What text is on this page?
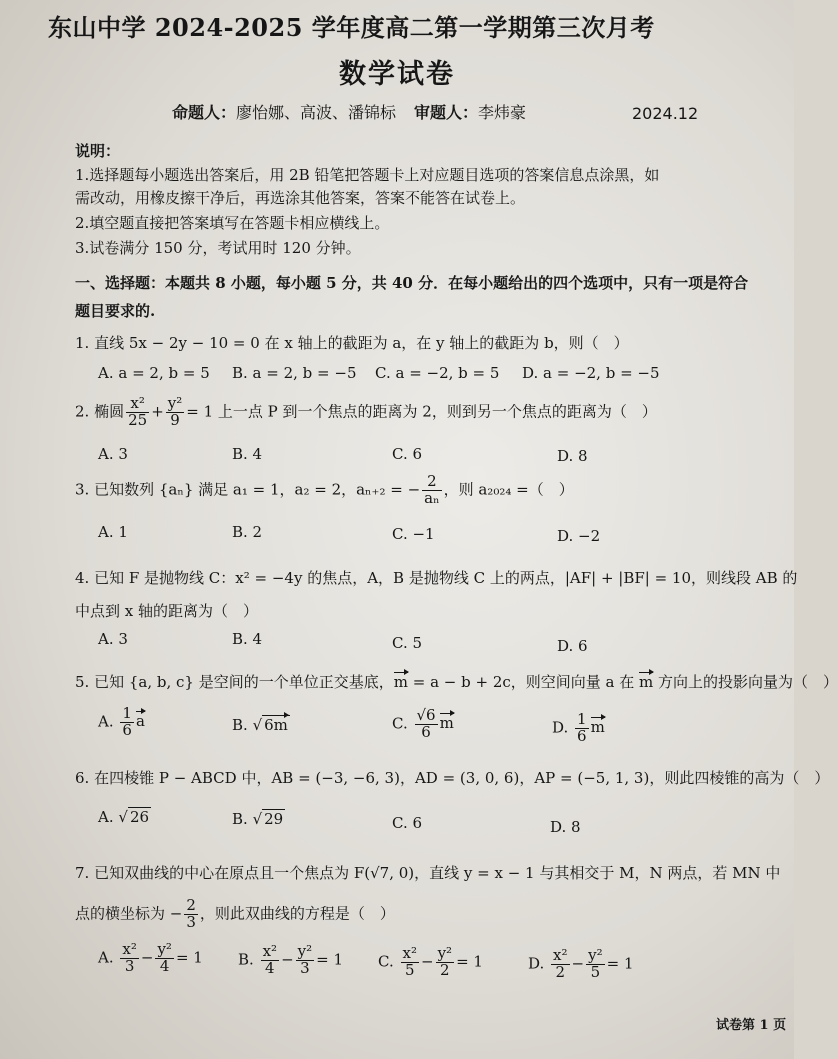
东山中学 2024-2025 学年度高二第一学期第三次月考
数学试卷
命题人：廖怡娜、高波、潘锦标 审题人：李炜豪	2024.12
说明：
1.选择题每小题选出答案后，用 2B 铅笔把答题卡上对应题目选项的答案信息点涂黑，如
需改动，用橡皮擦干净后，再选涂其他答案，答案不能答在试卷上。
2.填空题直接把答案填写在答题卡相应横线上。
3.试卷满分 150 分，考试用时 120 分钟。
一、选择题：本题共 8 小题，每小题 5 分，共 40 分．在每小题给出的四个选项中，只有一项是符合
题目要求的.
1. 直线 5x − 2y − 10 = 0 在 x 轴上的截距为 a，在 y 轴上的截距为 b，则（　）
A. a = 2, b = 5 B. a = 2, b = −5 C. a = −2, b = 5 D. a = −2, b = −5
2. 椭圆 $\frac{\text{x²}}{25} + \frac{\text{y²}}{9} = 1$ 上一点 P 到一个焦点的距离为 2，则到另一个焦点的距离为（　）
A. 3	B. 4	C. 6	D. 8
3. 已知数列 {aₙ} 满足 a₁ = 1，a₂ = 2，aₙ₊₂ = − $\frac{2}{\text{aₙ}}$ ，则 a₂₀₂₄ =（　）
A. 1	B. 2	C. −1	D. −2
4. 已知 F 是抛物线 C：x² = −4y 的焦点，A，B 是抛物线 C 上的两点，|AF| + |BF| = 10，则线段 AB 的
中点到 x 轴的距离为（　）
A. 3	B. 4	C. 5	D. 6
5. 已知 {a, b, c} 是空间的一个单位正交基底，m = a − b + 2c，则空间向量 a 在 m 方向上的投影向量为（　）
A. $\frac{1}{6}$ a	B. √ 6m	C. $\frac{√6}{6}$ m	D. $\frac{1}{6}$ m
6. 在四棱锥 P − ABCD 中，AB = (−3, −6, 3)，AD = (3, 0, 6)，AP = (−5, 1, 3)，则此四棱锥的高为（　）
A. √ 26	B. √ 29	C. 6	D. 8
7. 已知双曲线的中心在原点且一个焦点为 F(√7, 0)，直线 y = x − 1 与其相交于 M，N 两点，若 MN 中
点的横坐标为 − $\frac{2}{3}$ ，则此双曲线的方程是（　）
A. $\frac{\text{x²}}{3} - \frac{\text{y²}}{4} = 1$ B. $\frac{\text{x²}}{4} - \frac{\text{y²}}{3} = 1$ C. $\frac{\text{x²}}{5} - \frac{\text{y²}}{2} = 1$	D. $\frac{\text{x²}}{2} - \frac{\text{y²}}{5} = 1$
试卷第 1 页
